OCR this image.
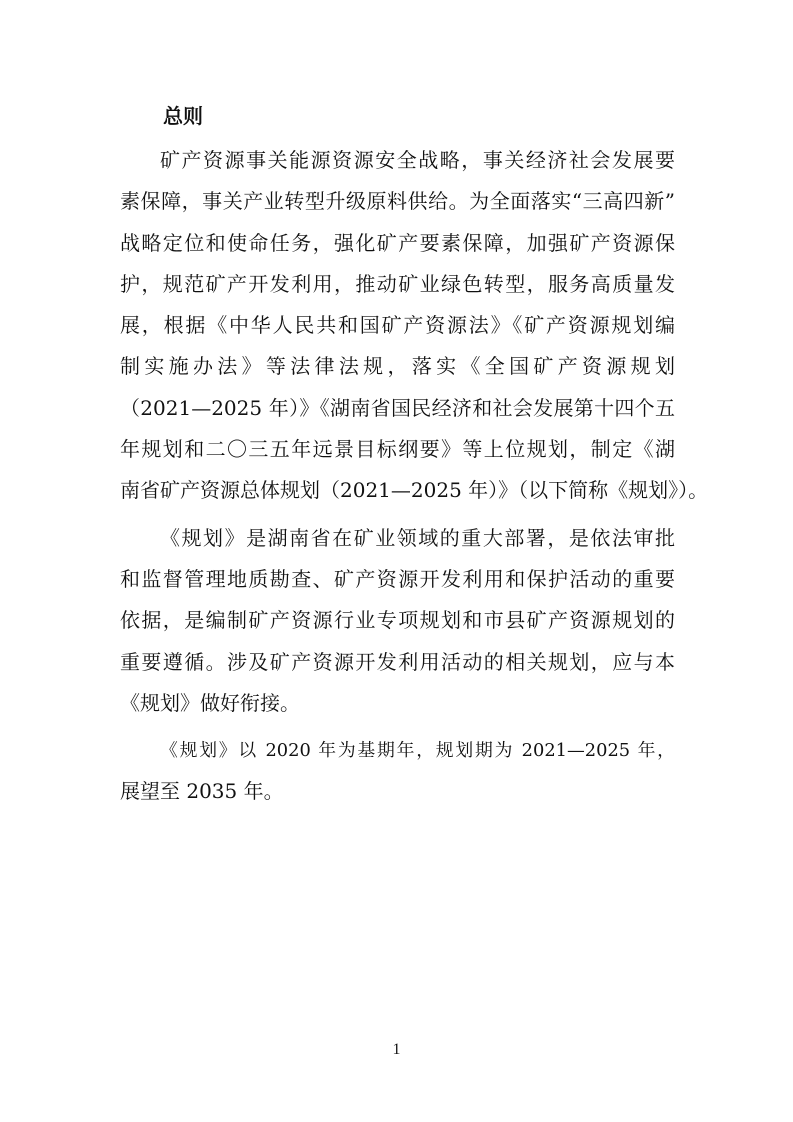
总则

矿产资源事关能源资源安全战略，事关经济社会发展要
素保障，事关产业转型升级原料供给。为全面落实“三高四新”
战略定位和使命任务，强化矿产要素保障，加强矿产资源保
护，规范矿产开发利用，推动矿业绿色转型，服务高质量发
展，根据《中华人民共和国矿产资源法》《矿产资源规划编
制实施办法》等法律法规，落实《全国矿产资源规划
（2021—2025 年）》《湖南省国民经济和社会发展第十四个五
年规划和二〇三五年远景目标纲要》等上位规划，制定《湖
南省矿产资源总体规划（2021—2025 年）》（以下简称《规划》）。

《规划》是湖南省在矿业领域的重大部署，是依法审批
和监督管理地质勘查、矿产资源开发利用和保护活动的重要
依据，是编制矿产资源行业专项规划和市县矿产资源规划的
重要遵循。涉及矿产资源开发利用活动的相关规划，应与本
《规划》做好衔接。

《规划》以 2020 年为基期年，规划期为 2021—2025 年，
展望至 2035 年。

1
